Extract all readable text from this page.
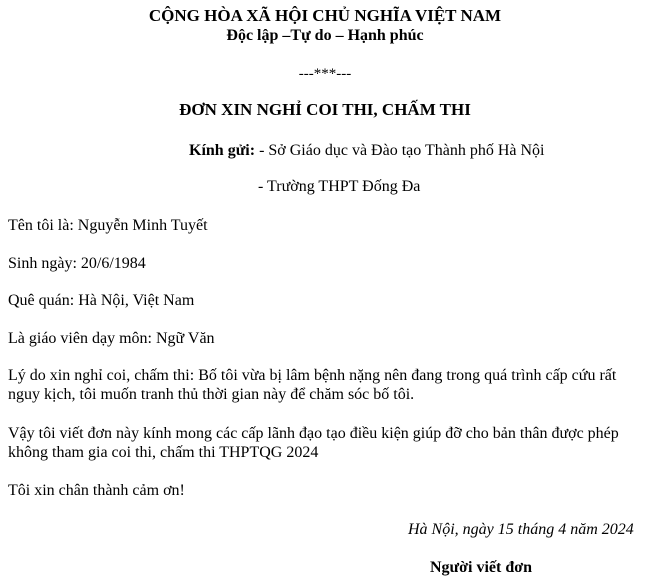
CỘNG HÒA XÃ HỘI CHỦ NGHĨA VIỆT NAM
Độc lập –Tự do – Hạnh phúc
---***---
ĐƠN XIN NGHỈ COI THI, CHẤM THI
Kính gửi: - Sở Giáo dục và Đào tạo Thành phố Hà Nội
- Trường THPT Đống Đa
Tên tôi là: Nguyễn Minh Tuyết
Sinh ngày: 20/6/1984
Quê quán: Hà Nội, Việt Nam
Là giáo viên dạy môn: Ngữ Văn
Lý do xin nghỉ coi, chấm thi: Bố tôi vừa bị lâm bệnh nặng nên đang trong quá trình cấp cứu rất
nguy kịch, tôi muốn tranh thủ thời gian này để chăm sóc bố tôi.
Vậy tôi viết đơn này kính mong các cấp lãnh đạo tạo điều kiện giúp đỡ cho bản thân được phép
không tham gia coi thi, chấm thi THPTQG 2024
Tôi xin chân thành cảm ơn!
Hà Nội, ngày 15 tháng 4 năm 2024
Người viết đơn
